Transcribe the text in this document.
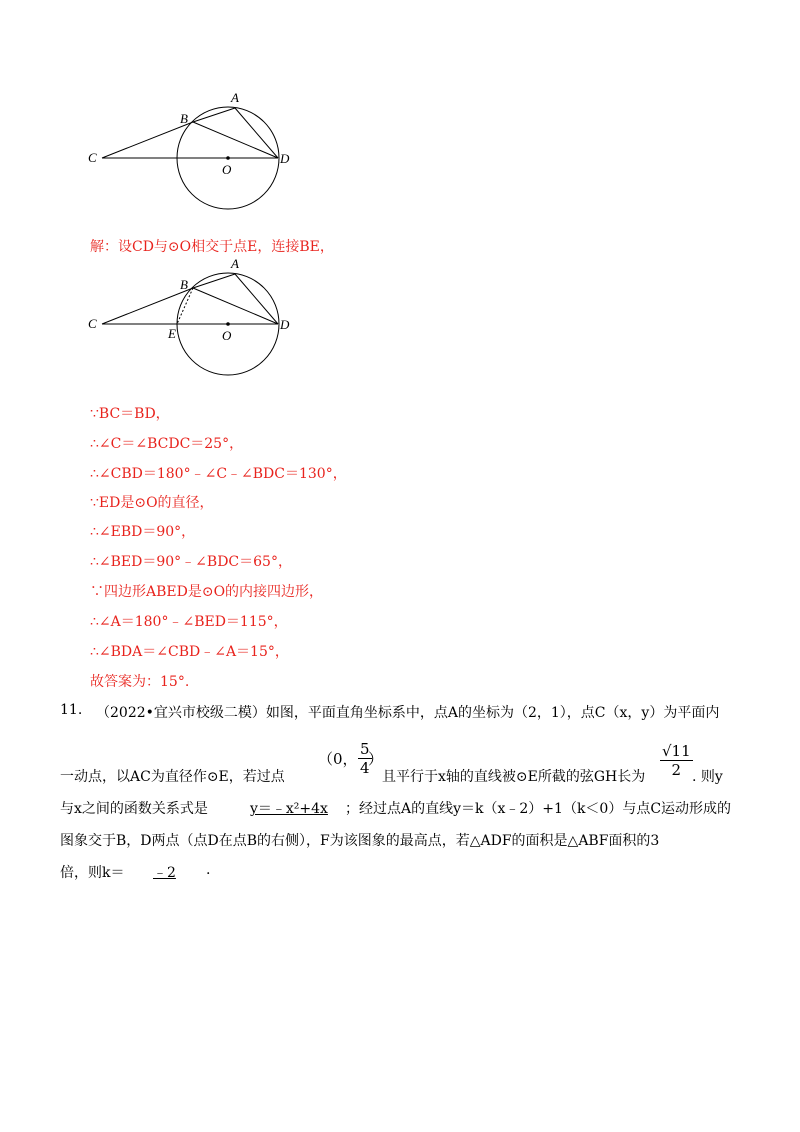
A
B
C	D
O
解：设CD与⊙O相交于点E，连接BE，
A
B
C	D
E	O
∵BC＝BD，
∴∠C＝∠BCDC＝25°，
∴∠CBD＝180°﹣∠C﹣∠BDC＝130°，
∵ED是⊙O的直径，
∴∠EBD＝90°，
∴∠BED＝90°﹣∠BDC＝65°，
∵四边形ABED是⊙O的内接四边形，
∴∠A＝180°﹣∠BED＝115°，
∴∠BDA＝∠CBD﹣∠A＝15°，
故答案为：15°.
11. （2022•宜兴市校级二模）如图，平面直角坐标系中，点A的坐标为（2，1），点C（x，y）为平面内
一动点，以AC为直径作⊙E，若过点
（0， $\frac{5}{4}$
）
且平行于x轴的直线被⊙E所截的弦GH长为 $\frac{√11}{2}$ . 则y
与x之间的函数关系式是	y＝﹣x²+4x	；经过点A的直线y＝k（x﹣2）+1（k＜0）与点C运动形成的
图象交于B，D两点（点D在点B的右侧），F为该图象的最高点，若△ADF的面积是△ABF面积的3
倍，则k＝	﹣2	.
